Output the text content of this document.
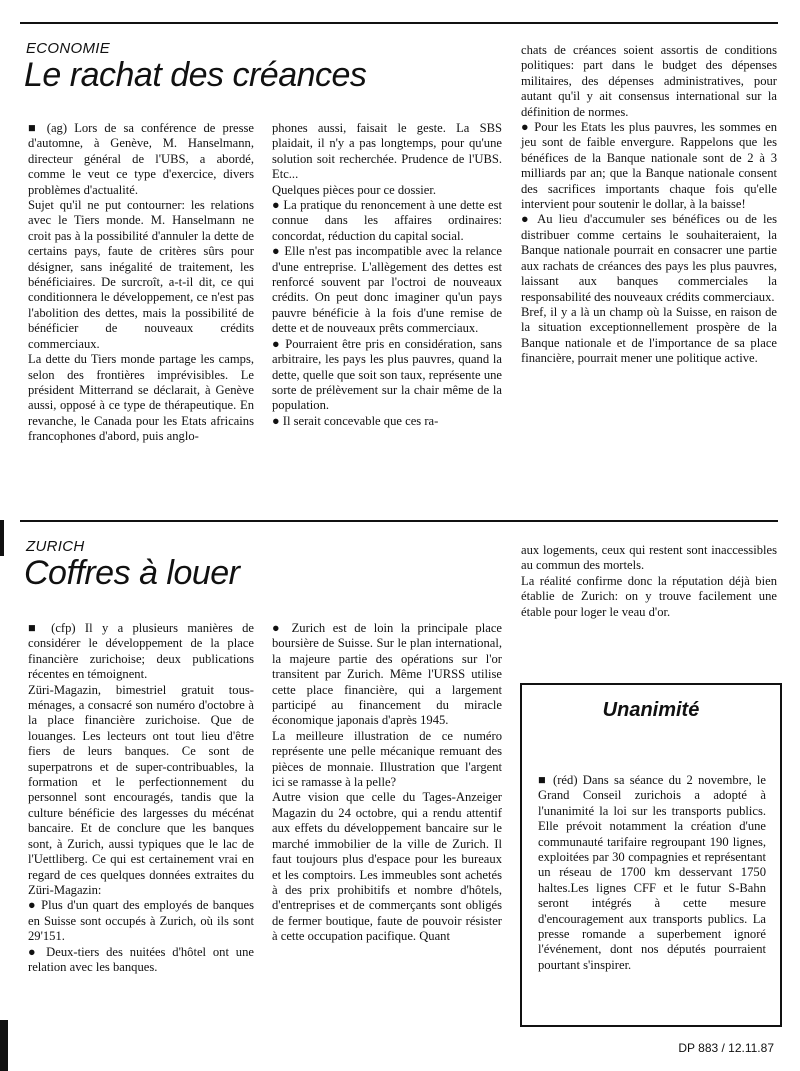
ECONOMIE
Le rachat des créances

■ (ag) Lors de sa conférence de presse d'automne, à Genève, M. Hanselmann, directeur général de l'UBS, a abordé, comme le veut ce type d'exercice, divers problèmes d'actualité.

Sujet qu'il ne put contourner: les relations avec le Tiers monde. M. Hanselmann ne croit pas à la possibilité d'annuler la dette de certains pays, faute de critères sûrs pour désigner, sans inégalité de traitement, les bénéficiaires. De surcroît, a-t-il dit, ce qui conditionnera le développement, ce n'est pas l'abolition des dettes, mais la possibilité de bénéficier de nouveaux crédits commerciaux.

La dette du Tiers monde partage les camps, selon des frontières imprévisibles. Le président Mitterrand se déclarait, à Genève aussi, opposé à ce type de thérapeutique. En revanche, le Canada pour les Etats africains francophones d'abord, puis anglo-

phones aussi, faisait le geste. La SBS plaidait, il n'y a pas longtemps, pour qu'une solution soit recherchée. Prudence de l'UBS. Etc...

Quelques pièces pour ce dossier.

● La pratique du renoncement à une dette est connue dans les affaires ordinaires: concordat, réduction du capital social.

● Elle n'est pas incompatible avec la relance d'une entreprise. L'allègement des dettes est renforcé souvent par l'octroi de nouveaux crédits. On peut donc imaginer qu'un pays pauvre bénéficie à la fois d'une remise de dette et de nouveaux prêts commerciaux.

● Pourraient être pris en considération, sans arbitraire, les pays les plus pauvres, quand la dette, quelle que soit son taux, représente une sorte de prélèvement sur la chair même de la population.

● Il serait concevable que ces ra-

chats de créances soient assortis de conditions politiques: part dans le budget des dépenses militaires, des dépenses administratives, pour autant qu'il y ait consensus international sur la définition de normes.

● Pour les Etats les plus pauvres, les sommes en jeu sont de faible envergure. Rappelons que les bénéfices de la Banque nationale sont de 2 à 3 milliards par an; que la Banque nationale consent des sacrifices importants chaque fois qu'elle intervient pour soutenir le dollar, à la baisse!

● Au lieu d'accumuler ses bénéfices ou de les distribuer comme certains le souhaiteraient, la Banque nationale pourrait en consacrer une partie aux rachats de créances des pays les plus pauvres, laissant aux banques commerciales la responsabilité des nouveaux crédits commerciaux.

Bref, il y a là un champ où la Suisse, en raison de la situation exceptionnellement prospère de la Banque nationale et de l'importance de sa place financière, pourrait mener une politique active.

ZURICH
Coffres à louer

■ (cfp) Il y a plusieurs manières de considérer le développement de la place financière zurichoise; deux publications récentes en témoignent.

Züri-Magazin, bimestriel gratuit tous-ménages, a consacré son numéro d'octobre à la place financière zurichoise. Que de louanges. Les lecteurs ont tout lieu d'être fiers de leurs banques. Ce sont de superpatrons et de super-contribuables, la formation et le perfectionnement du personnel sont encouragés, tandis que la culture bénéficie des largesses du mécénat bancaire. Et de conclure que les banques sont, à Zurich, aussi typiques que le lac de l'Uettliberg. Ce qui est certainement vrai en regard de ces quelques données extraites du Züri-Magazin:

● Plus d'un quart des employés de banques en Suisse sont occupés à Zurich, où ils sont 29'151.

● Deux-tiers des nuitées d'hôtel ont une relation avec les banques.

● Zurich est de loin la principale place boursière de Suisse. Sur le plan international, la majeure partie des opérations sur l'or transitent par Zurich. Même l'URSS utilise cette place financière, qui a largement participé au financement du miracle économique japonais d'après 1945.

La meilleure illustration de ce numéro représente une pelle mécanique remuant des pièces de monnaie. Illustration que l'argent ici se ramasse à la pelle?

Autre vision que celle du Tages-Anzeiger Magazin du 24 octobre, qui a rendu attentif aux effets du développement bancaire sur le marché immobilier de la ville de Zurich. Il faut toujours plus d'espace pour les bureaux et les comptoirs. Les immeubles sont achetés à des prix prohibitifs et nombre d'hôtels, d'entreprises et de commerçants sont obligés de fermer boutique, faute de pouvoir résister à cette occupation pacifique. Quant

aux logements, ceux qui restent sont inaccessibles au commun des mortels.

La réalité confirme donc la réputation déjà bien établie de Zurich: on y trouve facilement une étable pour loger le veau d'or.

Unanimité

■ (réd) Dans sa séance du 2 novembre, le Grand Conseil zurichois a adopté à l'unanimité la loi sur les transports publics. Elle prévoit notamment la création d'une communauté tarifaire regroupant 190 lignes, exploitées par 30 compagnies et représentant un réseau de 1700 km desservant 1750 haltes.Les lignes CFF et le futur S-Bahn seront intégrés à cette mesure d'encouragement aux transports publics. La presse romande a superbement ignoré l'événement, dont nos députés pourraient pourtant s'inspirer.

DP 883 / 12.11.87
